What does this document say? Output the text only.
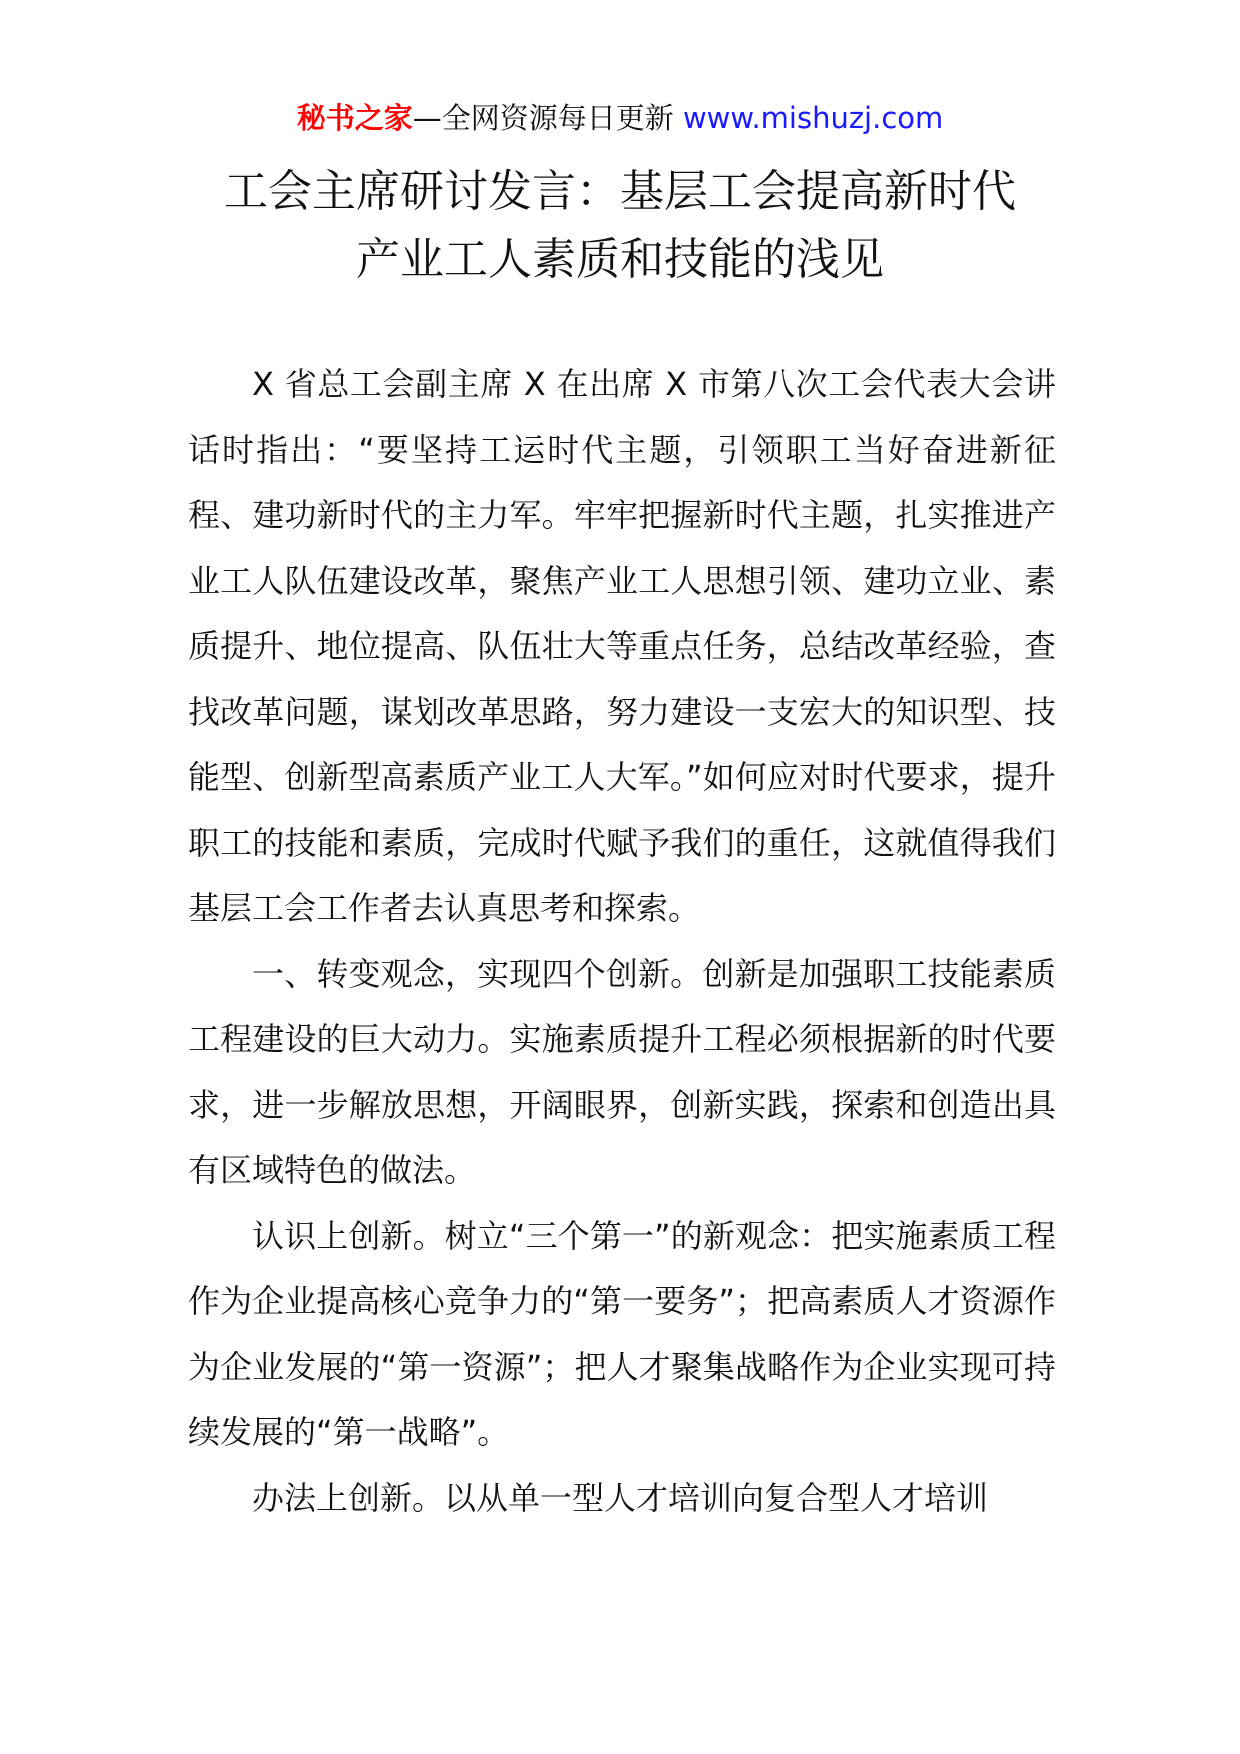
秘书之家—全网资源每日更新 www.mishuzj.com
工会主席研讨发言：基层工会提高新时代
产业工人素质和技能的浅见

X 省总工会副主席 X 在出席 X 市第八次工会代表大会讲话时指出：“要坚持工运时代主题，引领职工当好奋进新征程、建功新时代的主力军。牢牢把握新时代主题，扎实推进产业工人队伍建设改革，聚焦产业工人思想引领、建功立业、素质提升、地位提高、队伍壮大等重点任务，总结改革经验，查找改革问题，谋划改革思路，努力建设一支宏大的知识型、技能型、创新型高素质产业工人大军。”如何应对时代要求，提升职工的技能和素质，完成时代赋予我们的重任，这就值得我们基层工会工作者去认真思考和探索。

一、转变观念，实现四个创新。创新是加强职工技能素质工程建设的巨大动力。实施素质提升工程必须根据新的时代要求，进一步解放思想，开阔眼界，创新实践，探索和创造出具有区域特色的做法。

认识上创新。树立“三个第一”的新观念：把实施素质工程作为企业提高核心竞争力的“第一要务”；把高素质人才资源作为企业发展的“第一资源”；把人才聚集战略作为企业实现可持续发展的“第一战略”。

办法上创新。以从单一型人才培训向复合型人才培训
